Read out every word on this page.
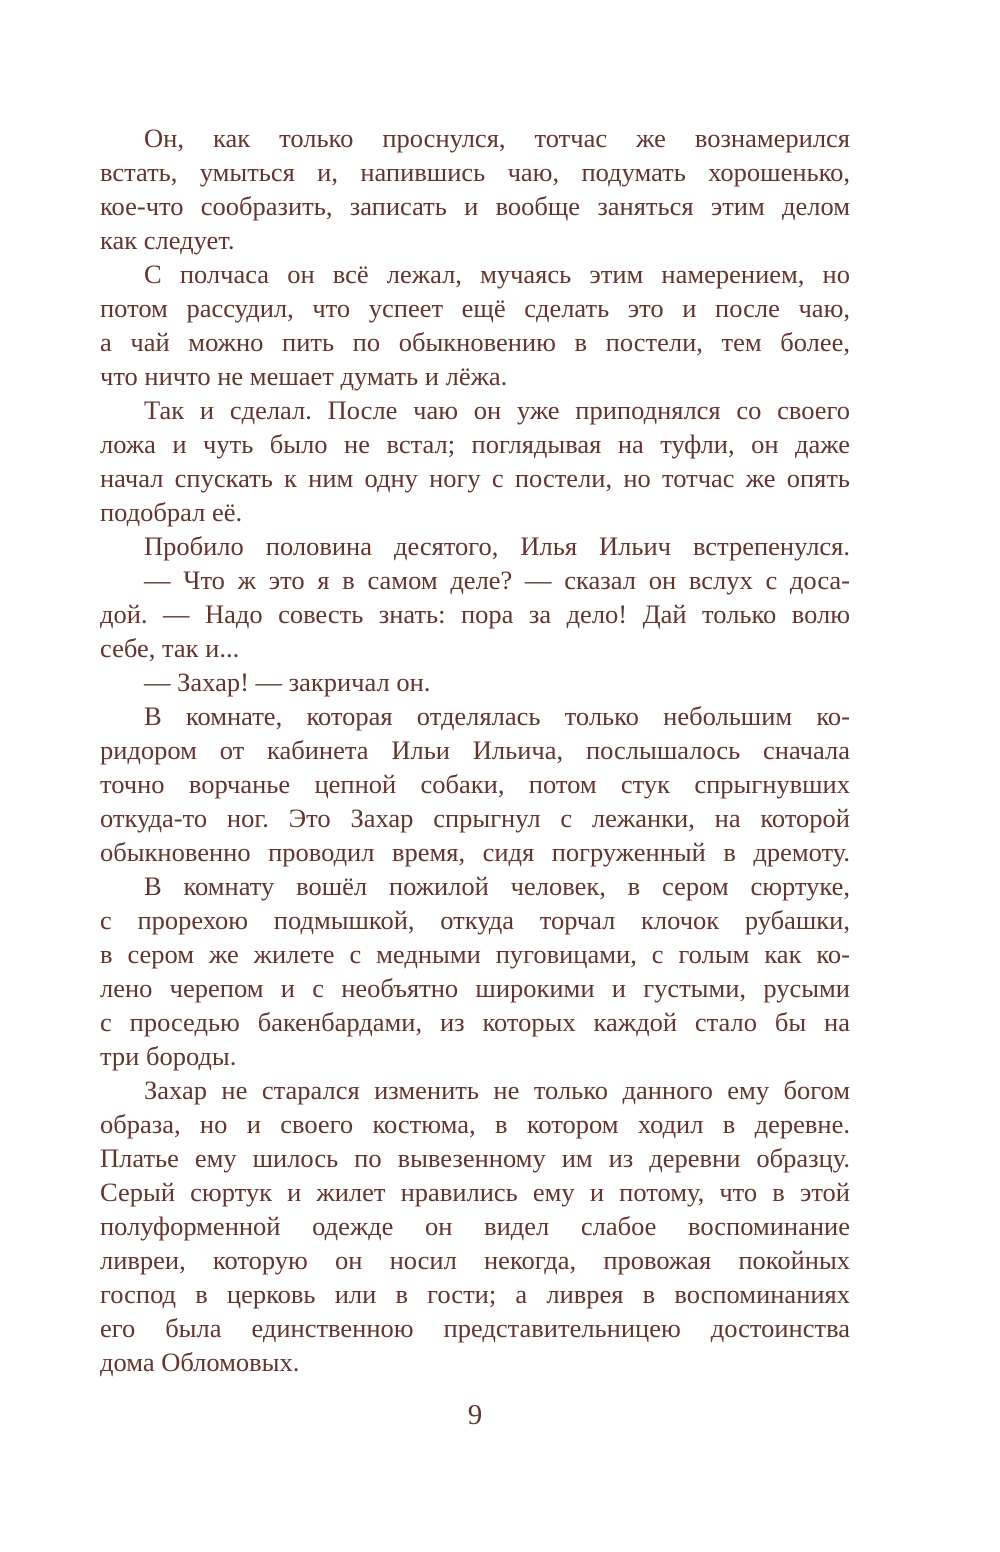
Он, как только проснулся, тотчас же вознамерился
встать, умыться и, напившись чаю, подумать хорошенько,
кое-что сообразить, записать и вообще заняться этим делом
как следует.
С полчаса он всё лежал, мучаясь этим намерением, но
потом рассудил, что успеет ещё сделать это и после чаю,
а чай можно пить по обыкновению в постели, тем более,
что ничто не мешает думать и лёжа.
Так и сделал. После чаю он уже приподнялся со своего
ложа и чуть было не встал; поглядывая на туфли, он даже
начал спускать к ним одну ногу с постели, но тотчас же опять
подобрал её.
Пробило половина десятого, Илья Ильич встрепенулся.
— Что ж это я в самом деле? — сказал он вслух с доса-
дой. — Надо совесть знать: пора за дело! Дай только волю
себе, так и...
— Захар! — закричал он.
В комнате, которая отделялась только небольшим ко-
ридором от кабинета Ильи Ильича, послышалось сначала
точно ворчанье цепной собаки, потом стук спрыгнувших
откуда-то ног. Это Захар спрыгнул с лежанки, на которой
обыкновенно проводил время, сидя погруженный в дремоту.
В комнату вошёл пожилой человек, в сером сюртуке,
с прорехою подмышкой, откуда торчал клочок рубашки,
в сером же жилете с медными пуговицами, с голым как ко-
лено черепом и с необъятно широкими и густыми, русыми
с проседью бакенбардами, из которых каждой стало бы на
три бороды.
Захар не старался изменить не только данного ему богом
образа, но и своего костюма, в котором ходил в деревне.
Платье ему шилось по вывезенному им из деревни образцу.
Серый сюртук и жилет нравились ему и потому, что в этой
полуформенной одежде он видел слабое воспоминание
ливреи, которую он носил некогда, провожая покойных
господ в церковь или в гости; а ливрея в воспоминаниях
его была единственною представительницею достоинства
дома Обломовых.
9
